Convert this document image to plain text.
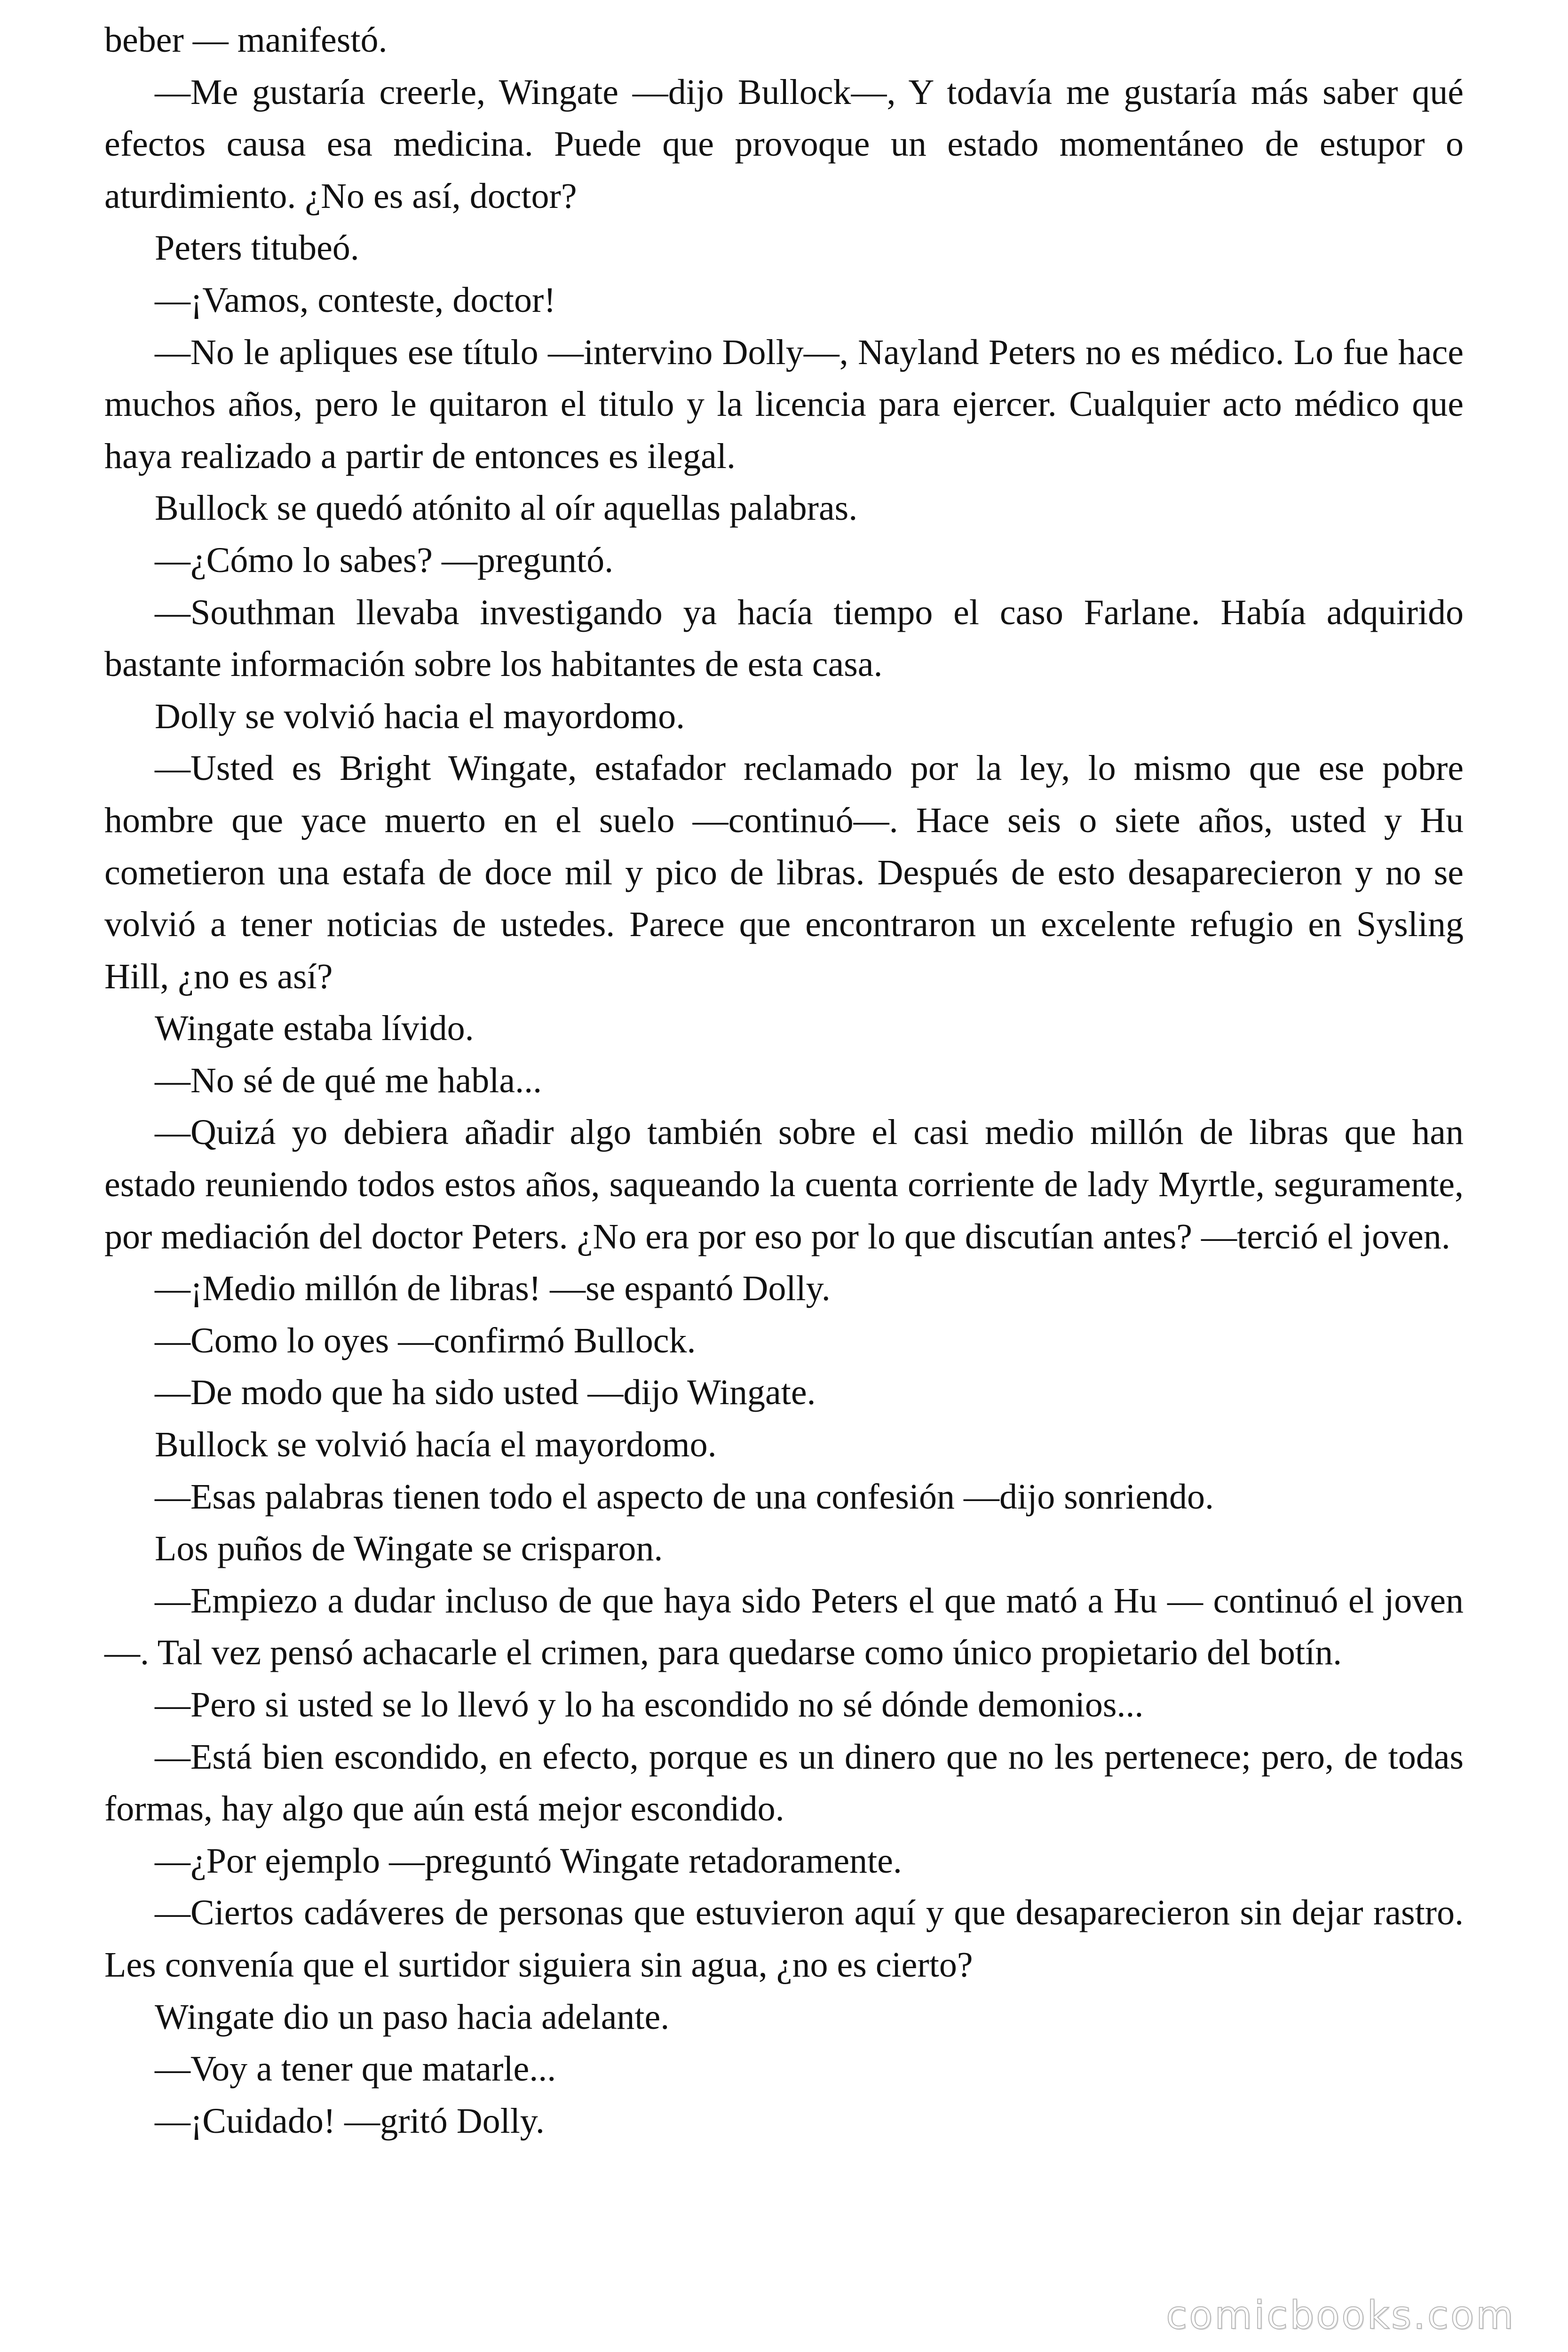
beber — manifestó.

—Me gustaría creerle, Wingate —dijo Bullock—, Y todavía me gustaría más saber qué efectos causa esa medicina. Puede que provoque un estado momentáneo de estupor o aturdimiento. ¿No es así, doctor?

Peters titubeó.

—¡Vamos, conteste, doctor!

—No le apliques ese título —intervino Dolly—, Nayland Peters no es médico. Lo fue hace muchos años, pero le quitaron el titulo y la licencia para ejercer. Cualquier acto médico que haya realizado a partir de entonces es ilegal.

Bullock se quedó atónito al oír aquellas palabras.

—¿Cómo lo sabes? —preguntó.

—Southman llevaba investigando ya hacía tiempo el caso Farlane. Había adquirido bastante información sobre los habitantes de esta casa.

Dolly se volvió hacia el mayordomo.

—Usted es Bright Wingate, estafador reclamado por la ley, lo mismo que ese pobre hombre que yace muerto en el suelo —continuó—. Hace seis o siete años, usted y Hu cometieron una estafa de doce mil y pico de libras. Después de esto desaparecieron y no se volvió a tener noticias de ustedes. Parece que encontraron un excelente refugio en Sysling Hill, ¿no es así?

Wingate estaba lívido.

—No sé de qué me habla...

—Quizá yo debiera añadir algo también sobre el casi medio millón de libras que han estado reuniendo todos estos años, saqueando la cuenta corriente de lady Myrtle, seguramente, por mediación del doctor Peters. ¿No era por eso por lo que discutían antes? —terció el joven.

—¡Medio millón de libras! —se espantó Dolly.

—Como lo oyes —confirmó Bullock.

—De modo que ha sido usted —dijo Wingate.

Bullock se volvió hacía el mayordomo.

—Esas palabras tienen todo el aspecto de una confesión —dijo sonriendo.

Los puños de Wingate se crisparon.

—Empiezo a dudar incluso de que haya sido Peters el que mató a Hu — continuó el joven—. Tal vez pensó achacarle el crimen, para quedarse como único propietario del botín.

—Pero si usted se lo llevó y lo ha escondido no sé dónde demonios...

—Está bien escondido, en efecto, porque es un dinero que no les pertenece; pero, de todas formas, hay algo que aún está mejor escondido.

—¿Por ejemplo —preguntó Wingate retadoramente.

—Ciertos cadáveres de personas que estuvieron aquí y que desaparecieron sin dejar rastro. Les convenía que el surtidor siguiera sin agua, ¿no es cierto?

Wingate dio un paso hacia adelante.

—Voy a tener que matarle...

—¡Cuidado! —gritó Dolly.

comicbooks.com
